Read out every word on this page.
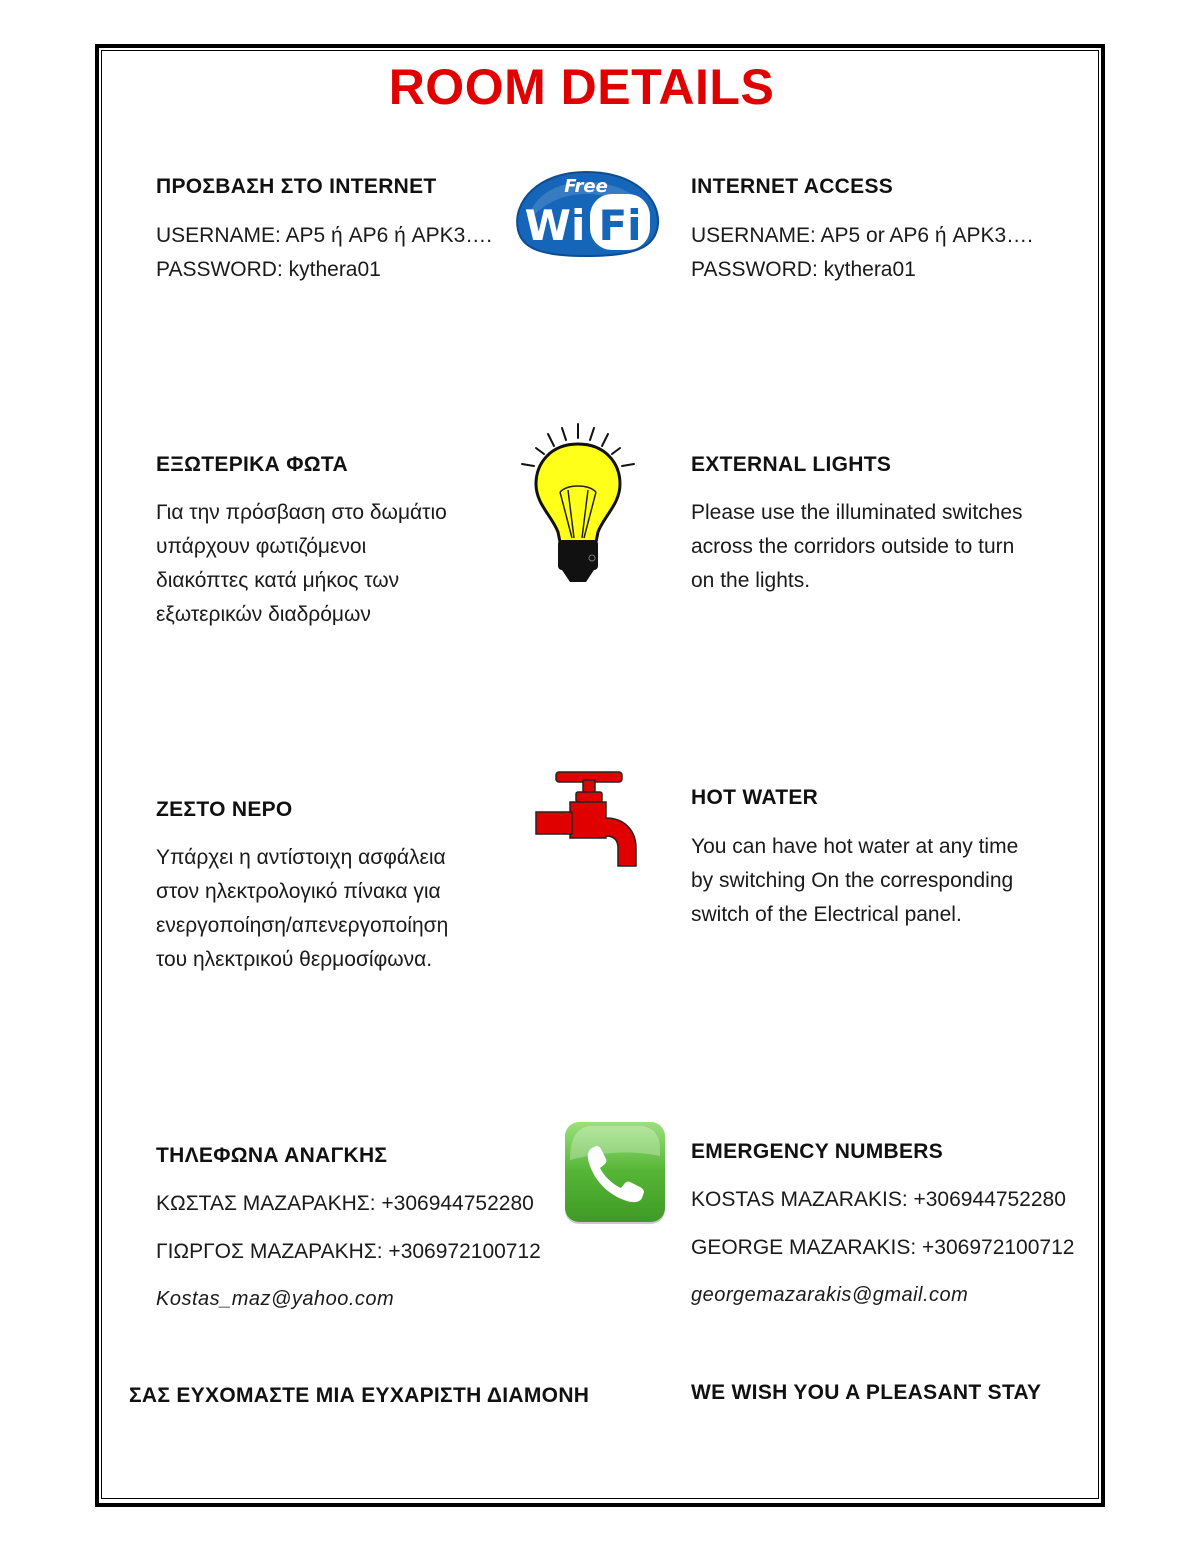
ROOM DETAILS
ΠΡΟΣΒΑΣΗ ΣΤΟ INTERNET
USERNAME: AP5 ή AP6 ή APK3….
PASSWORD: kythera01
INTERNET ACCESS
USERNAME: AP5 or AP6 ή APK3….
PASSWORD: kythera01
Free
Wi Fi
ΕΞΩΤΕΡΙΚΑ ΦΩΤΑ
Για την πρόσβαση στο δωμάτιο
υπάρχουν φωτιζόμενοι
διακόπτες κατά μήκος των
εξωτερικών διαδρόμων
EXTERNAL LIGHTS
Please use the illuminated switches
across the corridors outside to turn
on the lights.
ΖΕΣΤΟ ΝΕΡΟ
Υπάρχει η αντίστοιχη ασφάλεια
στον ηλεκτρολογικό πίνακα για
ενεργοποίηση/απενεργοποίηση
του ηλεκτρικού θερμοσίφωνα.
HOT WATER
You can have hot water at any time
by switching On the corresponding
switch of the Electrical panel.
ΤΗΛΕΦΩΝΑ ΑΝΑΓΚΗΣ
ΚΩΣΤΑΣ ΜΑΖΑΡΑΚΗΣ: +306944752280
ΓΙΩΡΓΟΣ ΜΑΖΑΡΑΚΗΣ: +306972100712
Kostas_maz@yahoo.com
EMERGENCY NUMBERS
KOSTAS MAZARAKIS: +306944752280
GEORGE MAZARAKIS: +306972100712
georgemazarakis@gmail.com
ΣΑΣ ΕΥΧΟΜΑΣΤΕ ΜΙΑ ΕΥΧΑΡΙΣΤΗ ΔΙΑΜΟΝΗ	WE WISH YOU A PLEASANT STAY
